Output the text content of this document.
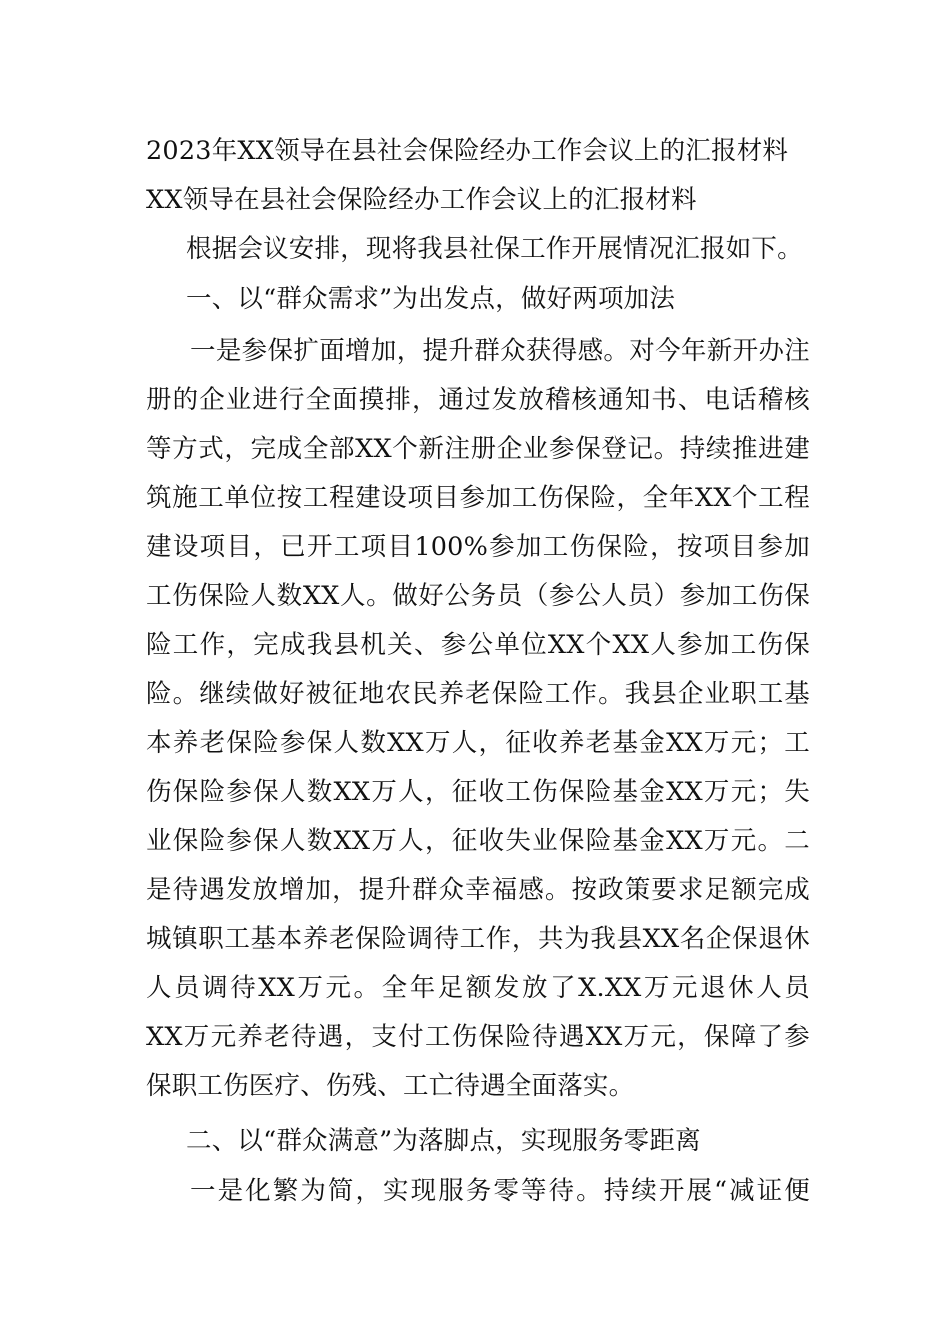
2023年XX领导在县社会保险经办工作会议上的汇报材料
XX领导在县社会保险经办工作会议上的汇报材料
根据会议安排，现将我县社保工作开展情况汇报如下。
一、以“群众需求”为出发点，做好两项加法
一是参保扩面增加，提升群众获得感。对今年新开办注
册的企业进行全面摸排，通过发放稽核通知书、电话稽核
等方式，完成全部XX个新注册企业参保登记。持续推进建
筑施工单位按工程建设项目参加工伤保险，全年XX个工程
建设项目，已开工项目100%参加工伤保险，按项目参加
工伤保险人数XX人。做好公务员（参公人员）参加工伤保
险工作，完成我县机关、参公单位XX个XX人参加工伤保
险。继续做好被征地农民养老保险工作。我县企业职工基
本养老保险参保人数XX万人，征收养老基金XX万元；工
伤保险参保人数XX万人，征收工伤保险基金XX万元；失
业保险参保人数XX万人，征收失业保险基金XX万元。二
是待遇发放增加，提升群众幸福感。按政策要求足额完成
城镇职工基本养老保险调待工作，共为我县XX名企保退休
人员调待XX万元。全年足额发放了X.XX万元退休人员
XX万元养老待遇，支付工伤保险待遇XX万元，保障了参
保职工伤医疗、伤残、工亡待遇全面落实。
二、以“群众满意”为落脚点，实现服务零距离
一是化繁为简，实现服务零等待。持续开展“减证便
